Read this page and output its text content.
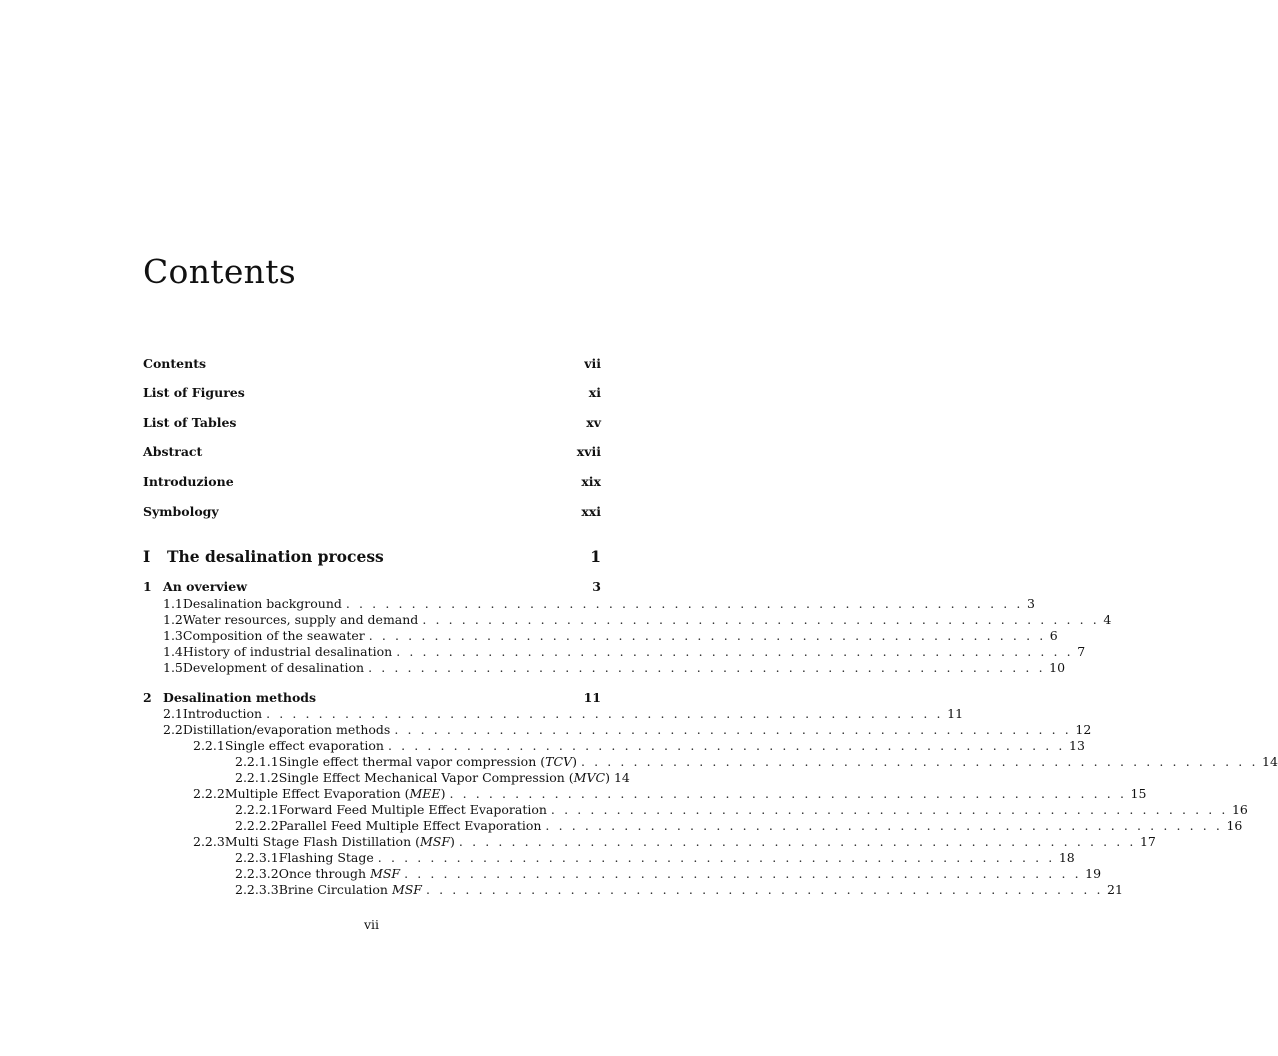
Contents
Contents	vii
List of Figures	xi
List of Tables	xv
Abstract	xvii
Introduzione	xix
Symbology	xxi
I	The desalination process	1
1 An overview	3
1.1 Desalination background . . . . . . . . . . . . . . . . . . . . . . . . . . . . . . . . . . . . . . . . . . . . . . . . . . . . 3
1.2 Water resources, supply and demand . . . . . . . . . . . . . . . . . . . . . . . . . . . . . . . . . . . . . . . . . . . . . . . . . . . . 4
1.3 Composition of the seawater . . . . . . . . . . . . . . . . . . . . . . . . . . . . . . . . . . . . . . . . . . . . . . . . . . . . 6
1.4 History of industrial desalination . . . . . . . . . . . . . . . . . . . . . . . . . . . . . . . . . . . . . . . . . . . . . . . . . . . . 7
1.5 Development of desalination . . . . . . . . . . . . . . . . . . . . . . . . . . . . . . . . . . . . . . . . . . . . . . . . . . . . 10
2 Desalination methods	11
2.1 Introduction . . . . . . . . . . . . . . . . . . . . . . . . . . . . . . . . . . . . . . . . . . . . . . . . . . . . 11
2.2 Distillation/evaporation methods . . . . . . . . . . . . . . . . . . . . . . . . . . . . . . . . . . . . . . . . . . . . . . . . . . . . 12
2.2.1 Single effect evaporation . . . . . . . . . . . . . . . . . . . . . . . . . . . . . . . . . . . . . . . . . . . . . . . . . . . . 13
2.2.1.1 Single effect thermal vapor compression (TCV) . . . . . . . . . . . . . . . . . . . . . . . . . . . . . . . . . . . . . . . . . . . . . . . . . . . . 14
2.2.1.2 Single Effect Mechanical Vapor Compression (MVC) 14
2.2.2 Multiple Effect Evaporation (MEE) . . . . . . . . . . . . . . . . . . . . . . . . . . . . . . . . . . . . . . . . . . . . . . . . . . . . 15
2.2.2.1 Forward Feed Multiple Effect Evaporation . . . . . . . . . . . . . . . . . . . . . . . . . . . . . . . . . . . . . . . . . . . . . . . . . . . . 16
2.2.2.2 Parallel Feed Multiple Effect Evaporation . . . . . . . . . . . . . . . . . . . . . . . . . . . . . . . . . . . . . . . . . . . . . . . . . . . . 16
2.2.3 Multi Stage Flash Distillation (MSF) . . . . . . . . . . . . . . . . . . . . . . . . . . . . . . . . . . . . . . . . . . . . . . . . . . . . 17
2.2.3.1 Flashing Stage . . . . . . . . . . . . . . . . . . . . . . . . . . . . . . . . . . . . . . . . . . . . . . . . . . . . 18
2.2.3.2 Once through MSF . . . . . . . . . . . . . . . . . . . . . . . . . . . . . . . . . . . . . . . . . . . . . . . . . . . . 19
2.2.3.3 Brine Circulation MSF . . . . . . . . . . . . . . . . . . . . . . . . . . . . . . . . . . . . . . . . . . . . . . . . . . . . 21
vii
